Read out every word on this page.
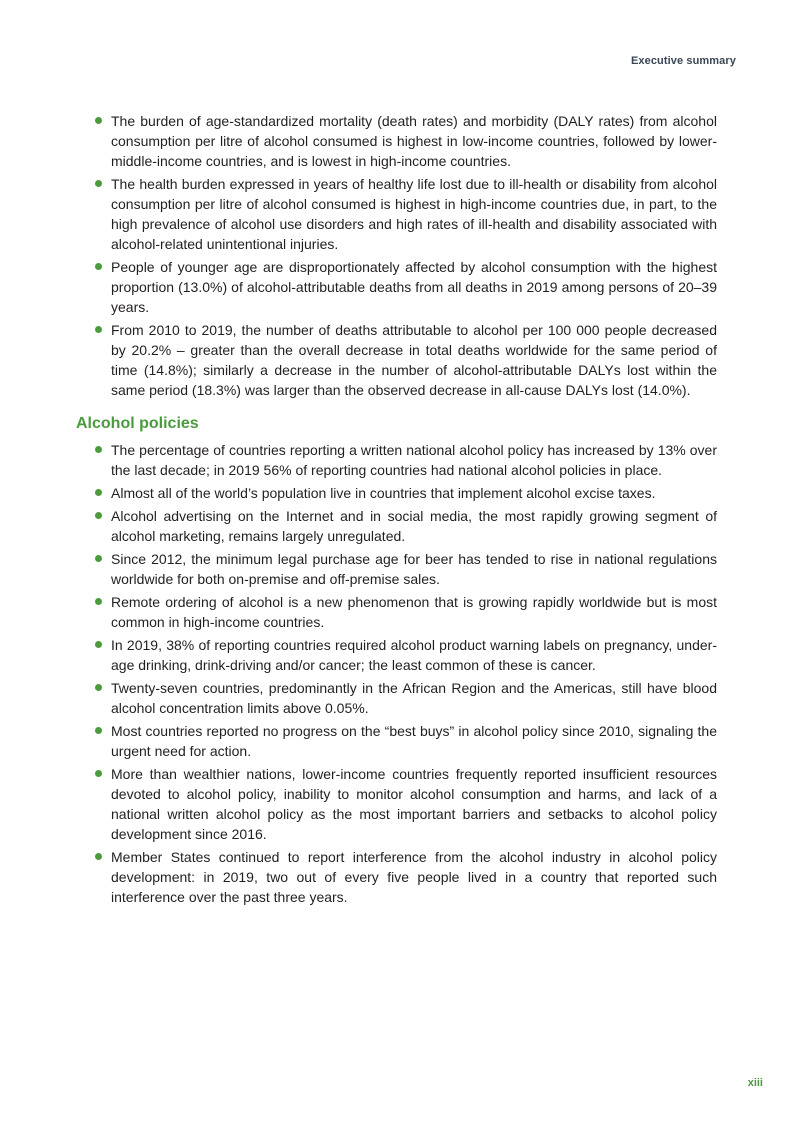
Executive summary
The burden of age-standardized mortality (death rates) and morbidity (DALY rates) from alcohol consumption per litre of alcohol consumed is highest in low-income countries, followed by lower-middle-income countries, and is lowest in high-income countries.
The health burden expressed in years of healthy life lost due to ill-health or disability from alcohol consumption per litre of alcohol consumed is highest in high-income countries due, in part, to the high prevalence of alcohol use disorders and high rates of ill-health and disability associated with alcohol-related unintentional injuries.
People of younger age are disproportionately affected by alcohol consumption with the highest proportion (13.0%) of alcohol-attributable deaths from all deaths in 2019 among persons of 20–39 years.
From 2010 to 2019, the number of deaths attributable to alcohol per 100 000 people decreased by 20.2% – greater than the overall decrease in total deaths worldwide for the same period of time (14.8%); similarly a decrease in the number of alcohol-attributable DALYs lost within the same period (18.3%) was larger than the observed decrease in all-cause DALYs lost (14.0%).
Alcohol policies
The percentage of countries reporting a written national alcohol policy has increased by 13% over the last decade; in 2019 56% of reporting countries had national alcohol policies in place.
Almost all of the world’s population live in countries that implement alcohol excise taxes.
Alcohol advertising on the Internet and in social media, the most rapidly growing segment of alcohol marketing, remains largely unregulated.
Since 2012, the minimum legal purchase age for beer has tended to rise in national regulations worldwide for both on-premise and off-premise sales.
Remote ordering of alcohol is a new phenomenon that is growing rapidly worldwide but is most common in high-income countries.
In 2019, 38% of reporting countries required alcohol product warning labels on pregnancy, under-age drinking, drink-driving and/or cancer; the least common of these is cancer.
Twenty-seven countries, predominantly in the African Region and the Americas, still have blood alcohol concentration limits above 0.05%.
Most countries reported no progress on the “best buys” in alcohol policy since 2010, signaling the urgent need for action.
More than wealthier nations, lower-income countries frequently reported insufficient resources devoted to alcohol policy, inability to monitor alcohol consumption and harms, and lack of a national written alcohol policy as the most important barriers and setbacks to alcohol policy development since 2016.
Member States continued to report interference from the alcohol industry in alcohol policy development: in 2019, two out of every five people lived in a country that reported such interference over the past three years.
xiii
